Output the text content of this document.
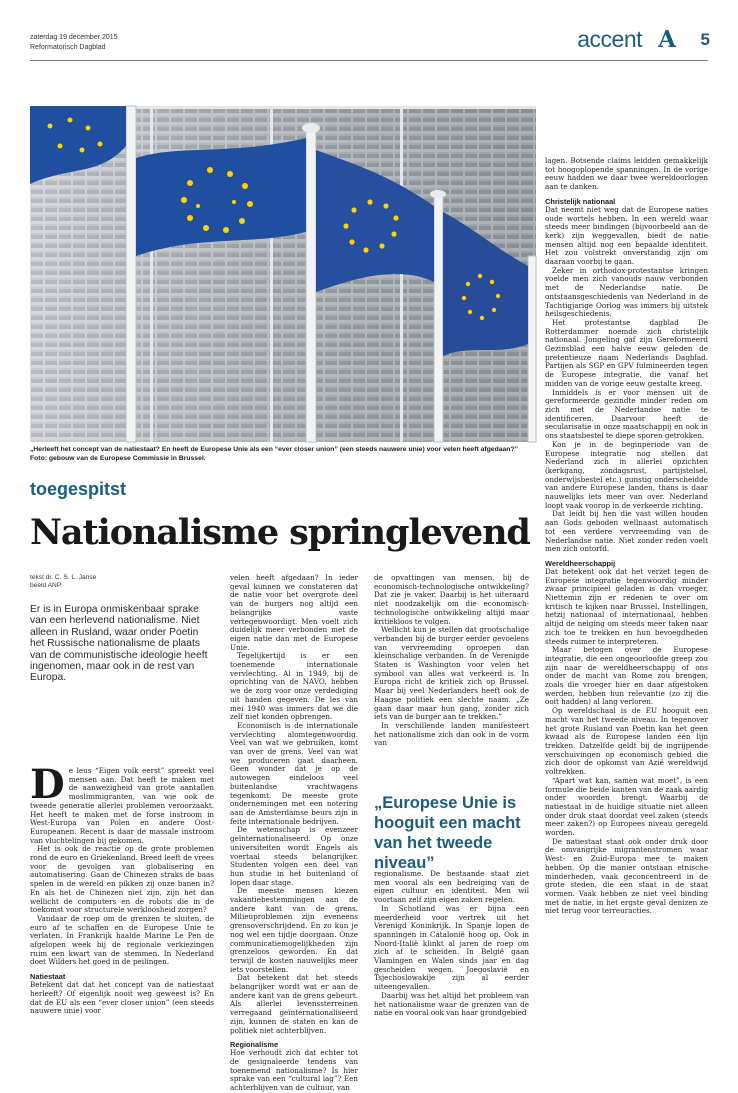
zaterdag 19 december 2015
Reformatorisch Dagblad	accent A 5
„Herleeft het concept van de natiestaat? En heeft de Europese Unie als een “ever closer union” (een steeds nauwere unie) voor velen heeft afgedaan?” Foto: gebouw van de Europese Commissie in Brussel.
toegespitst
Nationalisme springlevend
tekst dr. C. S. L. Janse
beeld ANP
Er is in Europa onmiskenbaar sprake van een herlevend nationalisme. Niet alleen in Rusland, waar onder Poetin het Russische nationalisme de plaats van de communistische ideologie heeft ingenomen, maar ook in de rest van Europa.

De leus “Eigen volk eerst” spreekt veel mensen aan. Dat heeft te maken met de aanwezigheid van grote aantallen moslimmigranten, van wie ook de tweede generatie allerlei problemen veroorzaakt. Het heeft te maken met de forse instroom in West-Europa van Polen en andere Oost-Europeanen. Recent is daar de massale instroom van vluchtelingen bij gekomen.

Het is ook de reactie op de grote problemen rond de euro en Griekenland. Breed leeft de vrees voor de gevolgen van globalisering en automatisering. Gaan de Chinezen straks de baas spelen in de wereld en pikken zij onze banen in? En als het de Chinezen niet zijn, zijn het dan wellicht de computers en de robots die in de toekomst voor structurele werkloosheid zorgen?

Vandaar de roep om de grenzen te sluiten, de euro af te schaffen en de Europese Unie te verlaten. In Frankrijk haalde Marine Le Pen de afgelopen week bij de regionale verkiezingen ruim een kwart van de stemmen. In Nederland doet Wilders het goed in de peilingen.

Natiestaat

Betekent dat dat het concept van de natiestaat herleeft? Of eigenlijk nooit weg geweest is? En dat de EU als een “ever closer union” (een steeds nauwere unie) voor

velen heeft afgedaan? In ieder geval kunnen we constateren dat de natie voor het overgrote deel van de burgers nog altijd een belangrijke vaste vertegenwoordigt. Men voelt zich duidelijk meer verbonden met de eigen natie dan met de Europese Unie.

Tegelijkertijd is er een toenemende internationale vervlechting. Al in 1949, bij de oprichting van de NAVO, hebben we de zorg voor onze verdediging uit handen gegeven. De les van mei 1940 was immers dat we die zelf niet konden opbrengen.

Economisch is de internationale vervlechting alomtegenwoordig. Veel van wat we gebruiken, komt van over de grens. Veel van wat we produceren gaat daarheen. Geen wonder dat je op de autowegen eindeloos veel buitenlandse vrachtwagens tegenkomt. De meeste grote ondernemingen met een notering aan de Amsterdamse beurs zijn in feite internationale bedrijven.

De wetenschap is evenzeer geïnternationaliseerd. Op onze universiteiten wordt Engels als voertaal steeds belangrijker. Studenten volgen een deel van hun studie in het buitenland of lopen daar stage.

De meeste mensen kiezen vakantiebestemmingen aan de andere kant van de grens. Milieuproblemen zijn eveneens grensoverschrijdend. En zo kun je nog wel een tijdje doorgaan. Onze communicatiemogelijkheden zijn grenzeloos geworden. En dat terwijl de kosten nauwelijks meer iets voorstellen.

Dat betekent dat het steeds belangrijker wordt wat er aan de andere kant van de grens gebeurt. Als allerlei levenssterreinen verregaand geïnternationaliseerd zijn, kunnen de staten en kan de politiek niet achterblijven.

Regionalisme

Hoe verhoudt zich dat echter tot de gesignaleerde tendens van toenemend nationalisme? Is hier sprake van een “cultural lag”? Een achterblijven van de cultuur, van

de opvattingen van mensen, bij de economisch-technologische ontwikkeling? Dat zie je vaker. Daarbij is het uiteraard niet noodzakelijk om die economisch-technologische ontwikkeling altijd maar kritiekloos te volgen.

Wellicht kun je stellen dat grootschalige verbanden bij de burger eerder gevoelens van vervreemding oproepen dan kleinschalige verbanden. In de Verenigde Staten is Washington voor velen het symbool van alles wat verkeerd is. In Europa richt de kritiek zich op Brussel. Maar bij veel Nederlanders heeft ook de Haagse politiek een slechte naam. „Ze gaan daar maar hun gang, zonder zich iets van de burger aan te trekken.”

In verschillende landen manifesteert het nationalisme zich dan ook in de vorm van

„Europese Unie is hooguit een macht van het tweede niveau”

regionalisme. De bestaande staat ziet men vooral als een bedreiging van de eigen cultuur en identiteit. Men wil voortaan zelf zijn eigen zaken regelen.

In Schotland was er bijna een meerderheid voor vertrek uit het Verenigd Koninkrijk. In Spanje lopen de spanningen in Catalonië hoog op. Ook in Noord-Italië klinkt al jaren de roep om zich af te scheiden. In België gaan Vlamingen en Walen sinds jaar en dag gescheiden wegen. Joegoslavië en Tsjechoslowakije zijn al eerder uiteengevallen.

Daarbij was het altijd het probleem van het nationalisme waar de grenzen van de natie en vooral ook van haar grondgebied

lagen. Botsende claims leidden gemakkelijk tot hoogoplopende spanningen. In de vorige eeuw hadden we daar twee wereldoorlogen aan te danken.

Christelijk nationaal

Dat neemt niet weg dat de Europese naties oude wortels hebben. In een wereld waar steeds meer bindingen (bijvoorbeeld aan de kerk) zijn weggevallen, biedt de natie mensen altijd nog een bepaalde identiteit. Het zou volstrekt onverstandig zijn om daaraan voorbij te gaan.

Zeker in orthodox-protestantse kringen voelde men zich vanouds nauw verbonden met de Nederlandse natie. De ontstaansgeschiedenis van Nederland in de Tachtigjarige Oorlog was immers bij uitstek heilsgeschiedenis.

Het protestantse dagblad De Rotterdammer noemde zich christelijk nationaal. Jongeling gaf zijn Gereformeerd Gezinsblad een halve eeuw geleden de pretentieuze naam Nederlands Dagblad. Partijen als SGP en GPV fulmineerden tegen de Europese integratie, die vanaf het midden van de vorige eeuw gestalte kreeg.

Inmiddels is er voor mensen uit de gereformeerde gezindte minder reden om zich met de Nederlandse natie te identificeren. Daarvoor heeft de secularisatie in onze maatschappij en ook in ons staatsbestel te diepe sporen getrokken.

Kon je in de beginperiode van de Europese integratie nog stellen dat Nederland zich in allerlei opzichten (kerkgang, zondagsrust, partijstelsel, onderwijsbestel etc.) gunstig onderscheidde van andere Europese landen, thans is daar nauwelijks iets meer van over. Nederland loopt vaak voorop in de verkeerde richting.

Dat leidt bij hen die vast willen houden aan Gods geboden wellnaast automatisch tot een verdere vervreemding van de Nederlandse natie. Niet zonder reden voelt men zich ontorfd.

Wereldheerschappij

Dat betekent ook dat het verzet tegen de Europese integratie tegenwoordig minder zwaar principieel geladen is dan vroeger. Niettemin zijn er redenen te over om kritisch te kijken naar Brussel. Instellingen, hetzij nationaal of internationaal, hebben altijd de neiging om steeds meer taken naar zich toe te trekken en hun bevoegdheden steeds ruimer te interpreteren.

Maar betogen over de Europese integratie, die een ongeoorloofde greep zou zijn naar de wereldheerschappij of ons onder de macht van Rome zou brengen, zoals die vroeger hier en daar afgestoken werden, hebben hun relevantie (zo zij die ooit hadden) al lang verloren.

Op wereldschaal is de EU hooguit een macht van het tweede niveau. In tegenover het grote Rusland van Poetin kan het geen kwaad als de Europese landen één lijn trekken. Datzelfde geldt bij de ingrijpende verschuivingen op economisch gebied die zich door de opkomst van Azië wereldwijd voltrekken.

“Apart wat kan, samen wat moet”, is een formule die beide kanten van de zaak aardig onder woorden brengt. Waarbij de natiestaat in de huidige situatie niet alleen onder druk staat doordat veel zaken (steeds meer zaken?) op Europees niveau geregeld worden.

De natiestaat staat ook onder druk door de omvangrijke migrantenstromen waar West- en Zuid-Europa mee te maken hebben. Op die manier ontstaan etnische minderheden, vaak geconcentreerd in de grote steden, die een staat in de staat vormen. Vaak hebben ze niet veel binding met de natie, in het ergste geval denizen ze niet terug voor terreuracties.
